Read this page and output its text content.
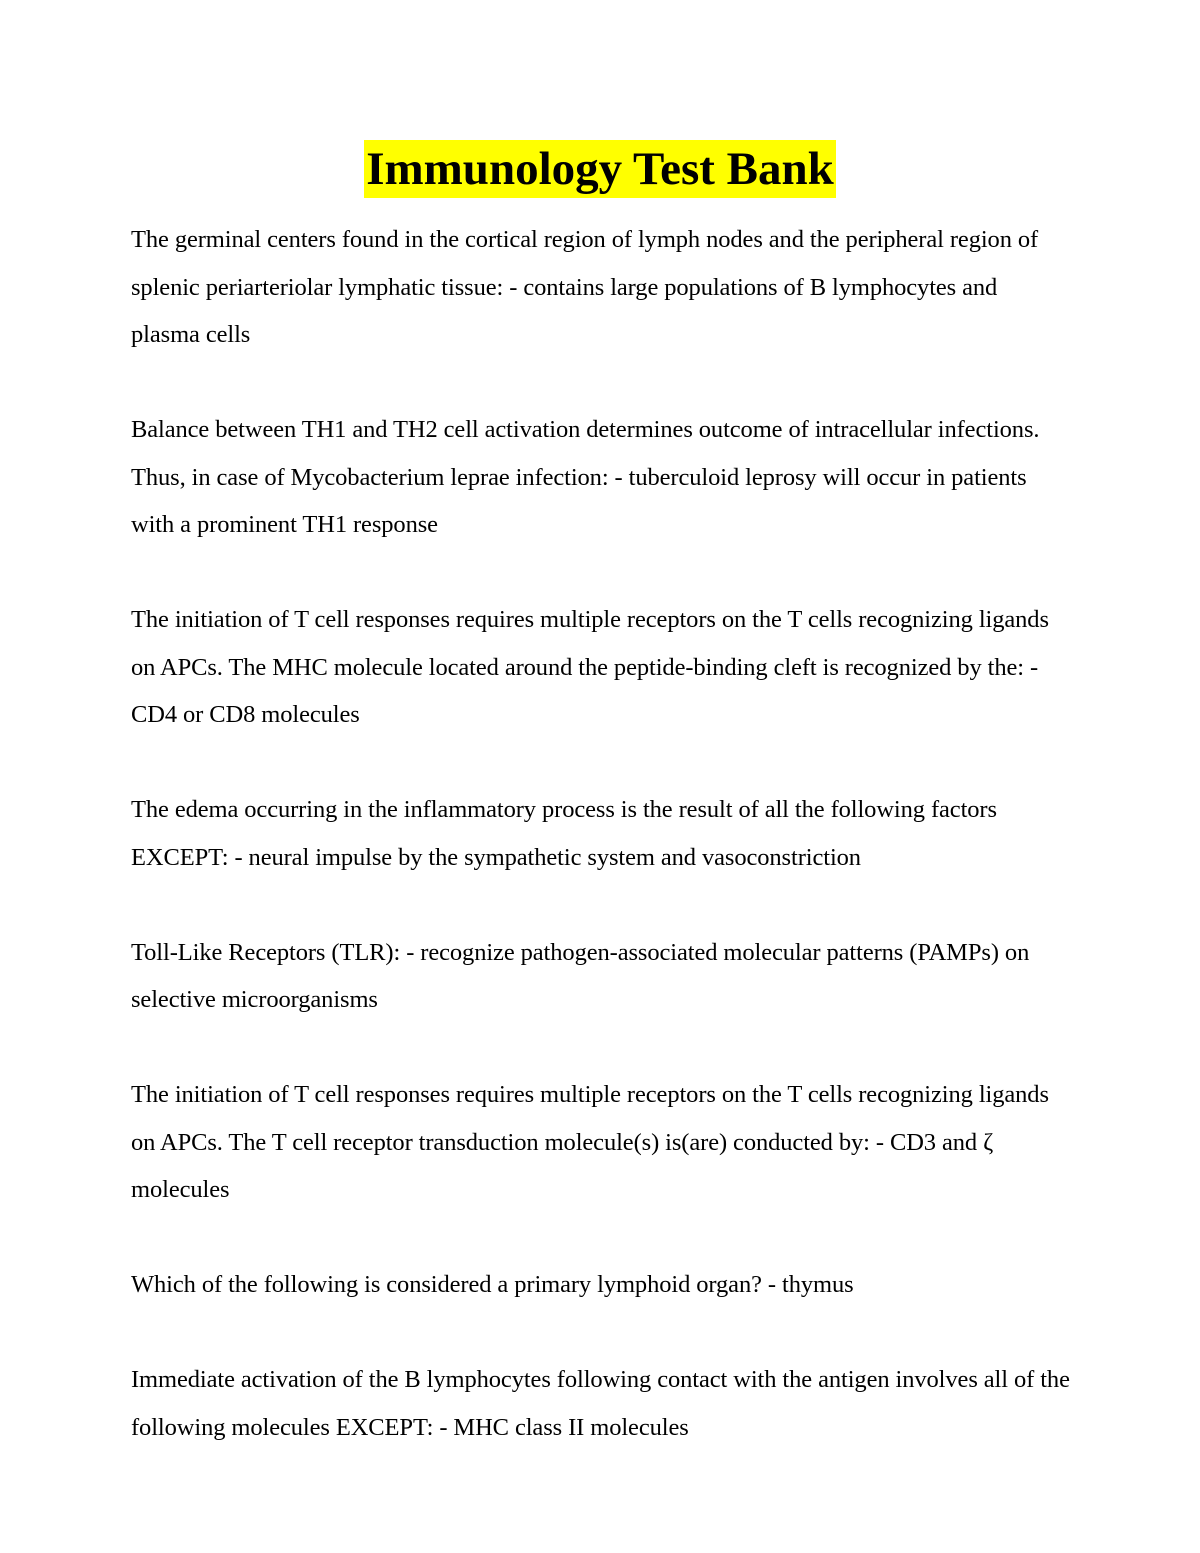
Immunology Test Bank

The germinal centers found in the cortical region of lymph nodes and the peripheral region of splenic periarteriolar lymphatic tissue: - contains large populations of B lymphocytes and plasma cells

Balance between TH1 and TH2 cell activation determines outcome of intracellular infections. Thus, in case of Mycobacterium leprae infection: - tuberculoid leprosy will occur in patients with a prominent TH1 response

The initiation of T cell responses requires multiple receptors on the T cells recognizing ligands on APCs. The MHC molecule located around the peptide-binding cleft is recognized by the: - CD4 or CD8 molecules

The edema occurring in the inflammatory process is the result of all the following factors EXCEPT: - neural impulse by the sympathetic system and vasoconstriction

Toll-Like Receptors (TLR): - recognize pathogen-associated molecular patterns (PAMPs) on selective microorganisms

The initiation of T cell responses requires multiple receptors on the T cells recognizing ligands on APCs. The T cell receptor transduction molecule(s) is(are) conducted by: - CD3 and ζ molecules

Which of the following is considered a primary lymphoid organ? - thymus

Immediate activation of the B lymphocytes following contact with the antigen involves all of the following molecules EXCEPT: - MHC class II molecules
